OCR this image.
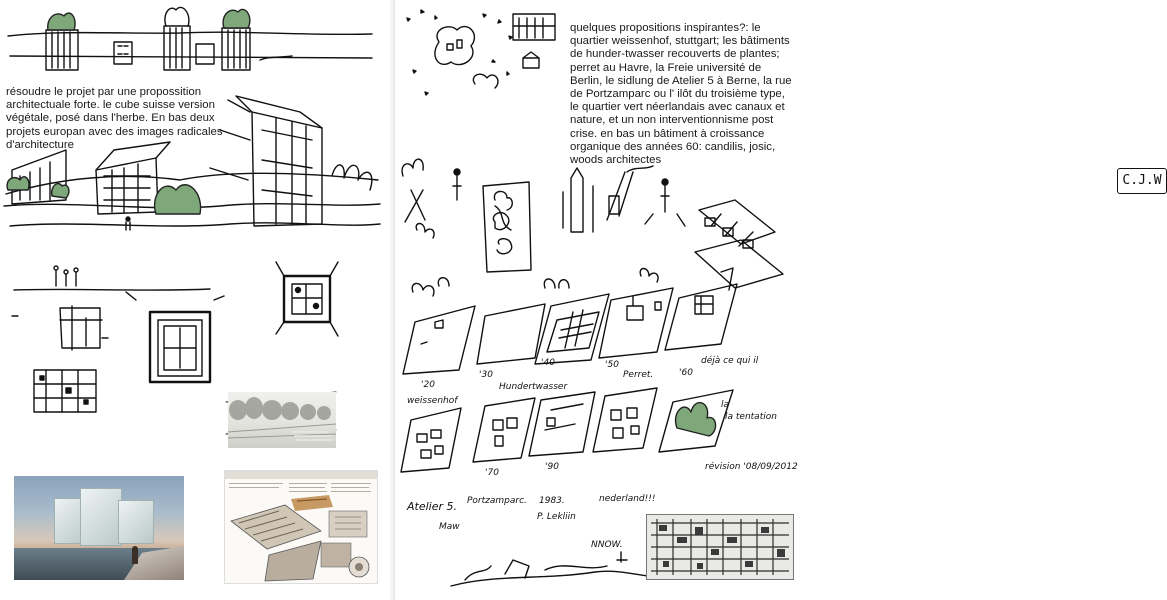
résoudre le projet par une propossition architectuale forte. le cube suisse version végétale, posé dans l'herbe. En bas deux projets europan avec des images radicales d'architecture

quelques propositions inspirantes?: le quartier weissenhof, stuttgart; les bâtiments de hunder-twasser recouverts de plantes; perret au Havre, la Freie université de Berlin, le sidlung de Atelier 5 à Berne, la rue de Portzamparc ou l' ilôt du troisième type, le quartier vert néerlandais avec canaux et nature, et un non interventionnisme post crise. en bas un bâtiment à croissance organique des années 60: candilis, josic, woods architectes

C.J.W
'20
weissenhof
'30
'40
Hundertwasser
'50
Perret.	'60
déjà ce qui il
la
la tentation
'70
'90	révision '08/09/2012
Atelier 5. Portzamparc. 1983.
P. Lekliin
nederland!!!
Maw
NNOW.
